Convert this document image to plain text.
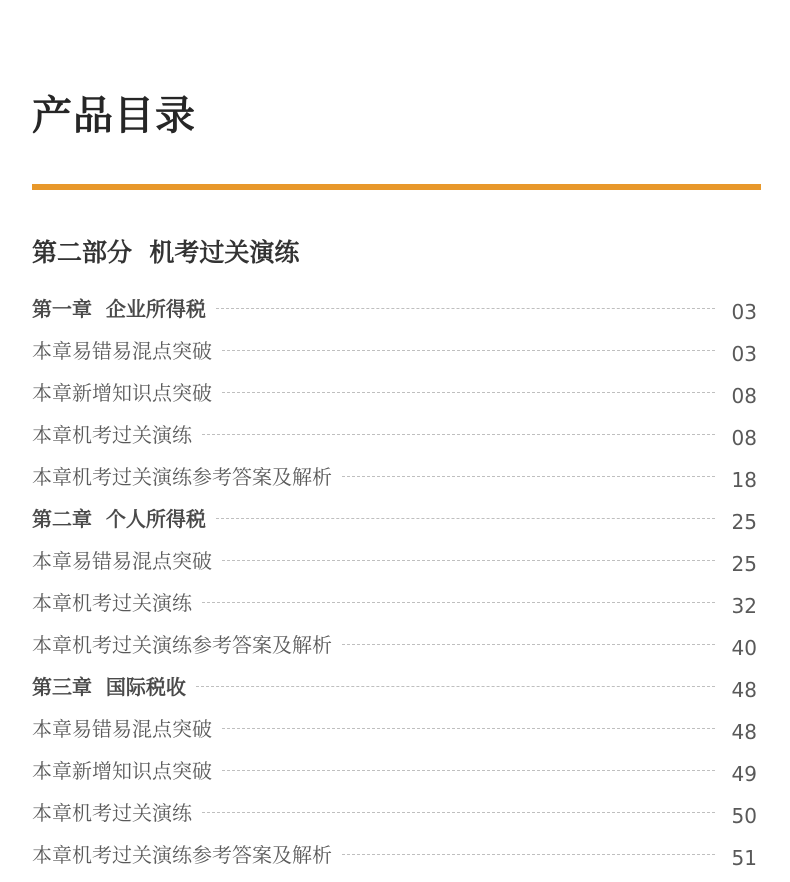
产品目录
第二部分  机考过关演练
第一章  企业所得税	03
本章易错易混点突破	03
本章新增知识点突破	08
本章机考过关演练	08
本章机考过关演练参考答案及解析	18
第二章  个人所得税	25
本章易错易混点突破	25
本章机考过关演练	32
本章机考过关演练参考答案及解析	40
第三章  国际税收	48
本章易错易混点突破	48
本章新增知识点突破	49
本章机考过关演练	50
本章机考过关演练参考答案及解析	51
